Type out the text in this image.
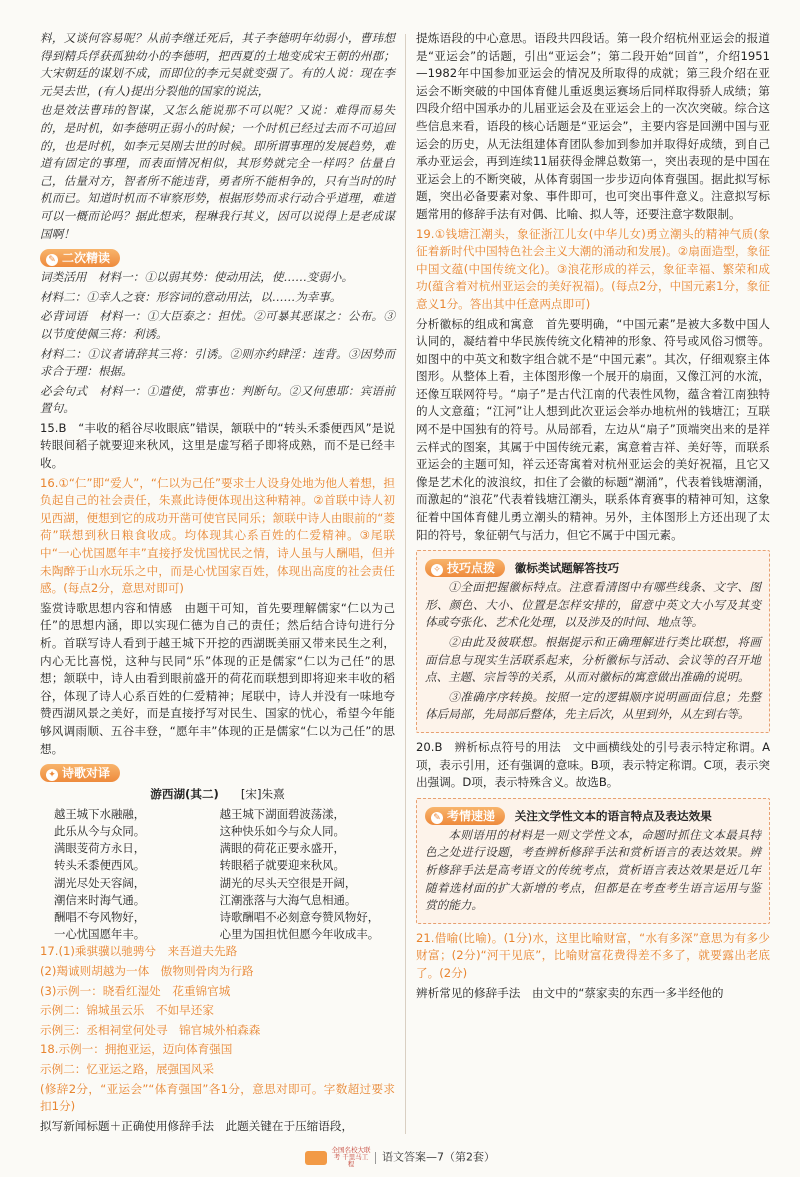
料，又谈何容易呢？从前李继迁死后，其子李德明年幼弱小，曹玮想得到精兵俘获孤独幼小的李德明，把西夏的土地变成宋王朝的州郡；大宋朝廷的谋划不成，而即位的李元昊就变强了。有的人说：现在李元昊去世，(有人)提出分裂他的国家的说法，

也是效法曹玮的智谋，又怎么能说那不可以呢？又说：难得而易失的，是时机，如李德明正弱小的时候；一个时机已经过去而不可追回的，也是时机，如李元昊刚去世的时候。即所谓事理的发展趋势，难道有固定的事理，而表面情况相似，其形势就完全一样吗？估量自己，估量对方，智者所不能违背，勇者所不能相争的，只有当时的时机而已。知道时机而不审察形势，根据形势而求行动合乎道理，难道可以一概而论吗？据此想来，程琳我行其义，因可以说得上是老成谋国啊！

✎ 二次精读

词类活用　材料一：①以弱其势：使动用法，使……变弱小。

材料二：①幸人之衰：形容词的意动用法，以……为幸事。

必背词语　材料一：①大臣泰之：担忧。②可暴其恶谋之：公布。③以节度使佩三将：利诱。

材料二：①议者请辞其三将：引诱。②则亦约肆淫：连背。③因势而求合于理：根据。

必会句式　材料一：①遣使，常事也：判断句。②又何患耶：宾语前置句。

15.B　“丰收的稻谷尽收眼底”错误，颔联中的“转头禾黍便西风”是说转眼间稻子就要迎来秋风，这里是虚写稻子即将成熟，而不是已经丰收。

16.①“仁”即“爱人”，“仁以为己任”要求士人设身处地为他人着想，担负起自己的社会责任，朱熹此诗便体现出这种精神。②首联中诗人初见西湖，便想到它的成功开凿可使官民同乐；颔联中诗人由眼前的“菱荷”联想到秋日粮食收成。均体现其心系百姓的仁爱精神。③尾联中“一心忧国愿年丰”直接抒发忧国忧民之情，诗人虽与人酬唱，但并未陶醉于山水玩乐之中，而是心忧国家百姓，体现出高度的社会责任感。(每点2分，意思对即可)

鉴赏诗歌思想内容和情感　由题干可知，首先要理解儒家“仁以为己任”的思想内涵，即以实现仁德为自己的责任；然后结合诗句进行分析。首联写诗人看到于越王城下开挖的西湖既美丽又带来民生之利，内心无比喜悦，这种与民同“乐”体现的正是儒家“仁以为己任”的思想；颔联中，诗人由看到眼前盛开的荷花而联想到即将迎来丰收的稻谷，体现了诗人心系百姓的仁爱精神；尾联中，诗人并没有一味地夸赞西湖风景之美好，而是直接抒写对民生、国家的忧心，希望今年能够风调雨顺、五谷丰登，“愿年丰”体现的正是儒家“仁以为己任”的思想。

✦ 诗歌对译
游西湖(其二) [宋]朱熹
越王城下水融融，
此乐从今与众同。
满眼芰荷方永日，
转头禾黍便西风。
湖光尽处天容阔，
潮信来时海气通。
酬唱不夸风物好，
一心忧国愿年丰。
越王城下湖面碧波荡漾，
这种快乐如今与众人同。
满眼的荷花正要永盛开，
转眼稻子就要迎来秋风。
湖光的尽头天空很是开阔，
江潮涨落与大海气息相通。
诗歌酬唱不必刻意夸赞风物好，
心里为国担忧但愿今年收成丰。

17.(1)乘骐骥以驰骋兮　来吾道夫先路

(2)羯诚则胡越为一体　傲物则骨肉为行路

(3)示例一：晓看红湿处　花重锦官城

示例二：锦城虽云乐　不如早还家

示例三：丞相祠堂何处寻　锦官城外柏森森

18.示例一：拥抱亚运，迈向体育强国

示例二：忆亚运之路，展强国风采

(修辞2分，“亚运会”“体育强国”各1分，意思对即可。字数超过要求扣1分)

拟写新闻标题＋正确使用修辞手法　此题关键在于压缩语段，

提炼语段的中心意思。语段共四段话。第一段介绍杭州亚运会的报道是“亚运会”的话题，引出“亚运会”；第二段开始“回首”，介绍1951—1982年中国参加亚运会的情况及所取得的成就；第三段介绍在亚运会不断突破的中国体育健儿重返奥运赛场后同样取得骄人成绩；第四段介绍中国承办的儿届亚运会及在亚运会上的一次次突破。综合这些信息来看，语段的核心话题是“亚运会”，主要内容是回溯中国与亚运会的历史，从无法组建体育团队参加到参加并取得好成绩，到自己承办亚运会，再到连续11届获得金牌总数第一，突出表现的是中国在亚运会上的不断突破，从体育弱国一步步迈向体育强国。据此拟写标题，突出必备要素对象、事件即可，也可突出事件意义。注意拟写标题常用的修辞手法有对偶、比喻、拟人等，还要注意字数限制。

19.①钱塘江潮头，象征浙江儿女(中华儿女)勇立潮头的精神气质(象征着新时代中国特色社会主义大潮的涌动和发展)。②扇面造型，象征中国文蕴(中国传统文化)。③浪花形成的祥云，象征幸福、繁荣和成功(蕴含着对杭州亚运会的美好祝福)。(每点2分，中国元素1分，象征意义1分。答出其中任意两点即可)

分析徽标的组成和寓意　首先要明确，“中国元素”是被大多数中国人认同的，凝结着中华民族传统文化精神的形象、符号或风俗习惯等。如图中的中英文和数字组合就不是“中国元素”。其次，仔细观察主体图形。从整体上看，主体图形像一个展开的扇面，又像江河的水流，还像互联网符号。“扇子”是古代江南的代表性风物，蕴含着江南独特的人文意蕴；“江河”让人想到此次亚运会举办地杭州的钱塘江；互联网不是中国独有的符号。从局部看，左边从“扇子”顶端突出来的是祥云样式的图案，其属于中国传统元素，寓意着吉祥、美好等，而联系亚运会的主题可知，祥云还寄寓着对杭州亚运会的美好祝福，且它又像是艺术化的波浪纹，扣住了会徽的标题“潮涌”，代表着钱塘潮涌，而激起的“浪花”代表着钱塘江潮头，联系体育赛事的精神可知，这象征着中国体育健儿勇立潮头的精神。另外，主体图形上方还出现了太阳的符号，象征朝气与活力，但它不属于中国元素。

✧ 技巧点拨 徽标类试题解答技巧

①全面把握徽标特点。注意看清图中有哪些线条、文字、图形、颜色、大小、位置是怎样安排的，留意中英文大小写及其变体或夸张化、艺术化处理，以及涉及的时间、地点等。

②由此及彼联想。根据提示和正确理解进行类比联想，将画面信息与现实生活联系起来，分析徽标与活动、会议等的召开地点、主题、宗旨等的关系，从而对徽标的寓意做出准确的说明。

③准确序序转换。按照一定的逻辑顺序说明画面信息；先整体后局部，先局部后整体，先主后次，从里到外，从左到右等。

20.B　辨析标点符号的用法　文中画横线处的引号表示特定称谓。A项，表示引用，还有强调的意味。B项，表示特定称谓。C项，表示突出强调。D项，表示特殊含义。故选B。

✎ 考情速递 关注文学性文本的语言特点及表达效果

本则语用的材料是一则文学性文本，命题时抓住文本最具特色之处进行设题，考查辨析修辞手法和赏析语言的表达效果。辨析修辞手法是高考语文的传统考点，赏析语言表达效果是近几年随着选材面的扩大新增的考点，但都是在考查考生语言运用与鉴赏的能力。

21.借喻(比喻)。(1分)水，这里比喻财富，“水有多深”意思为有多少财富；(2分)“河干见底”，比喻财富花费得差不多了，就要露出老底了。(2分)

辨析常见的修辞手法　由文中的“蔡家卖的东西一多半经他的

全国名校大联考 千里马工程语文答案—7（第2套）
